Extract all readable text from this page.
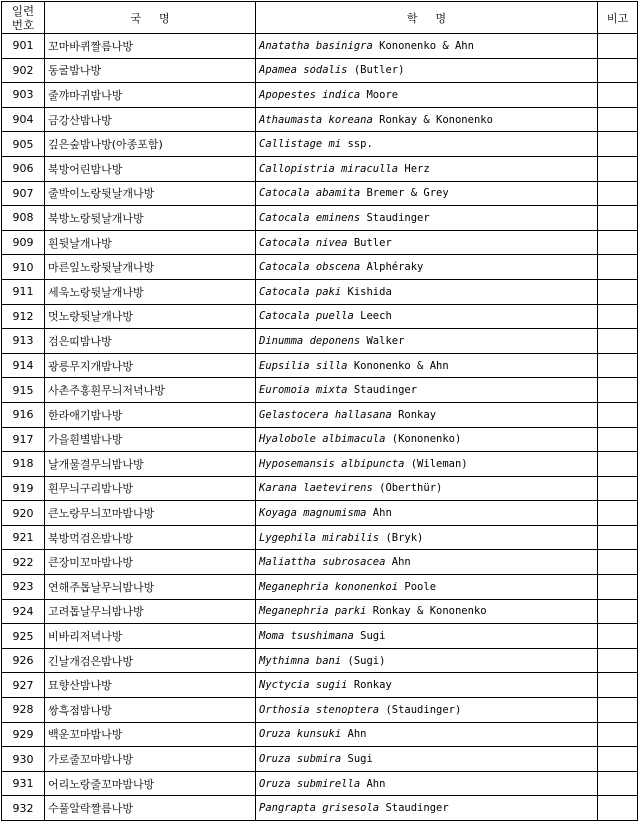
일련
번호	국 명	학 명	비고
901	꼬마바퀴짤름나방	Anatatha basinigra Kononenko & Ahn	
902	동굴밤나방	Apamea sodalis (Butler)	
903	줄꺄마귀밤나방	Apopestes indica Moore	
904	금강산밤나방	Athaumasta koreana Ronkay & Kononenko	
905	깊은숲밤나방(아종포함)	Callistage mi ssp.	
906	북방어린밤나방	Callopistria miraculla Herz	
907	줄박이노랑뒷날개나방	Catocala abamita Bremer & Grey	
908	북방노랑뒷날개나방	Catocala eminens Staudinger	
909	흰뒷날개나방	Catocala nivea Butler	
910	마른잎노랑뒷날개나방	Catocala obscena Alphéraky	
911	세욱노랑뒷날개나방	Catocala paki Kishida	
912	멋노랑뒷날개나방	Catocala puella Leech	
913	검은띠밤나방	Dinumma deponens Walker	
914	광릉무지개밤나방	Eupsilia silla Kononenko & Ahn	
915	사촌주홍흰무늬저녁나방	Euromoia mixta Staudinger	
916	한라애기밤나방	Gelastocera hallasana Ronkay	
917	가을흰별밤나방	Hyalobole albimacula (Kononenko)	
918	날개물결무늬밤나방	Hyposemansis albipuncta (Wileman)	
919	흰무늬구리밤나방	Karana laetevirens (Oberthür)	
920	큰노랑무늬꼬마밤나방	Koyaga magnumisma Ahn	
921	북방먹검은밤나방	Lygephila mirabilis (Bryk)	
922	큰장미꼬마밤나방	Maliattha subrosacea Ahn	
923	연해주톱날무늬밤나방	Meganephria kononenkoi Poole	
924	고려톱날무늬밤나방	Meganephria parki Ronkay & Kononenko	
925	비바리저녁나방	Moma tsushimana Sugi	
926	긴날개검은밤나방	Mythimna bani (Sugi)	
927	묘향산밤나방	Nyctycia sugii Ronkay	
928	쌍흑점밤나방	Orthosia stenoptera (Staudinger)	
929	백운꼬마밤나방	Oruza kunsuki Ahn	
930	가로줄꼬마밤나방	Oruza submira Sugi	
931	어리노랑줄꼬마밤나방	Oruza submirella Ahn	
932	수풀알락짤름나방	Pangrapta grisesola Staudinger	
